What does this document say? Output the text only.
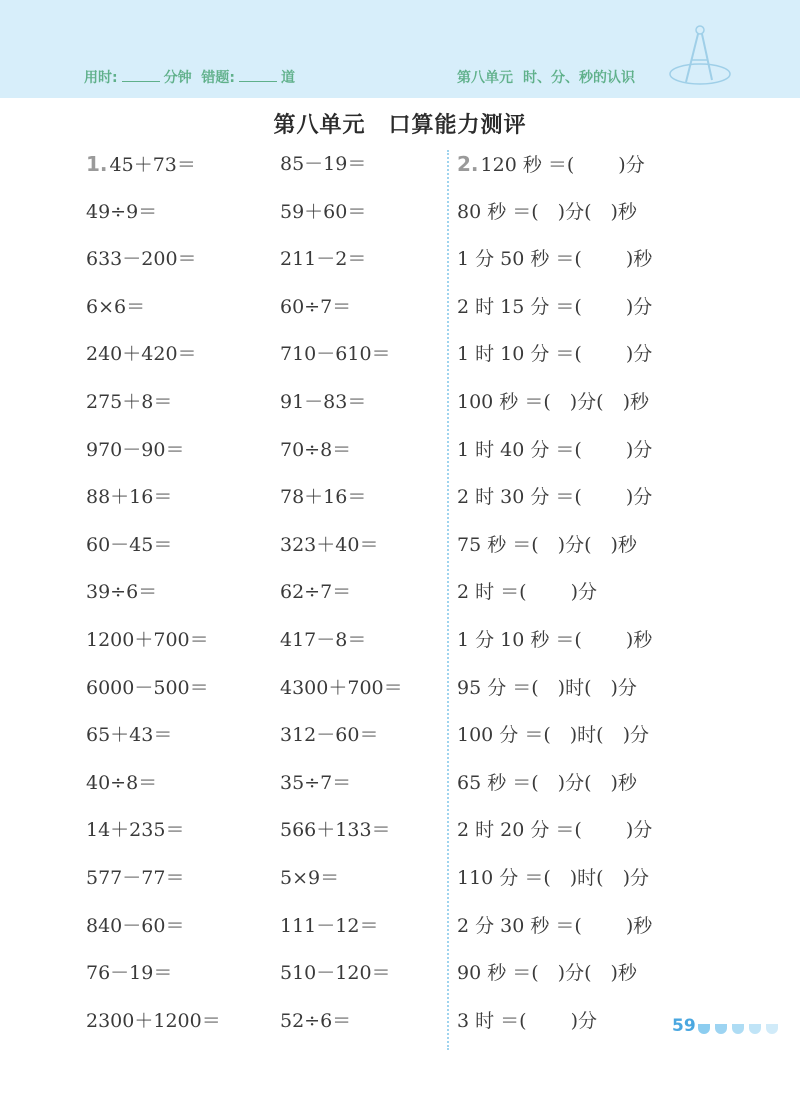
用时:	分钟 错题:	道	第八单元 时、分、秒的认识
第八单元　口算能力测评
1. 45＋73＝
49÷9＝
633－200＝
6×6＝
240＋420＝
275＋8＝
970－90＝
88＋16＝
60－45＝
39÷6＝
1200＋700＝
6000－500＝
65＋43＝
40÷8＝
14＋235＝
577－77＝
840－60＝
76－19＝
2300＋1200＝
85－19＝
59＋60＝
211－2＝
60÷7＝
710－610＝
91－83＝
70÷8＝
78＋16＝
323＋40＝
62÷7＝
417－8＝
4300＋700＝
312－60＝
35÷7＝
566＋133＝
5×9＝
111－12＝
510－120＝
52÷6＝
2. 120 秒 ＝(　　 )分
80 秒 ＝(　)分(　)秒
1 分 50 秒 ＝(　　 )秒
2 时 15 分 ＝(　　 )分
1 时 10 分 ＝(　　 )分
100 秒 ＝(　)分(　)秒
1 时 40 分 ＝(　　 )分
2 时 30 分 ＝(　　 )分
75 秒 ＝(　)分(　)秒
2 时 ＝(　　 )分
1 分 10 秒 ＝(　　 )秒
95 分 ＝(　)时(　)分
100 分 ＝(　)时(　)分
65 秒 ＝(　)分(　)秒
2 时 20 分 ＝(　　 )分
110 分 ＝(　)时(　)分
2 分 30 秒 ＝(　　 )秒
90 秒 ＝(　)分(　)秒
3 时 ＝(　　 )分	59
